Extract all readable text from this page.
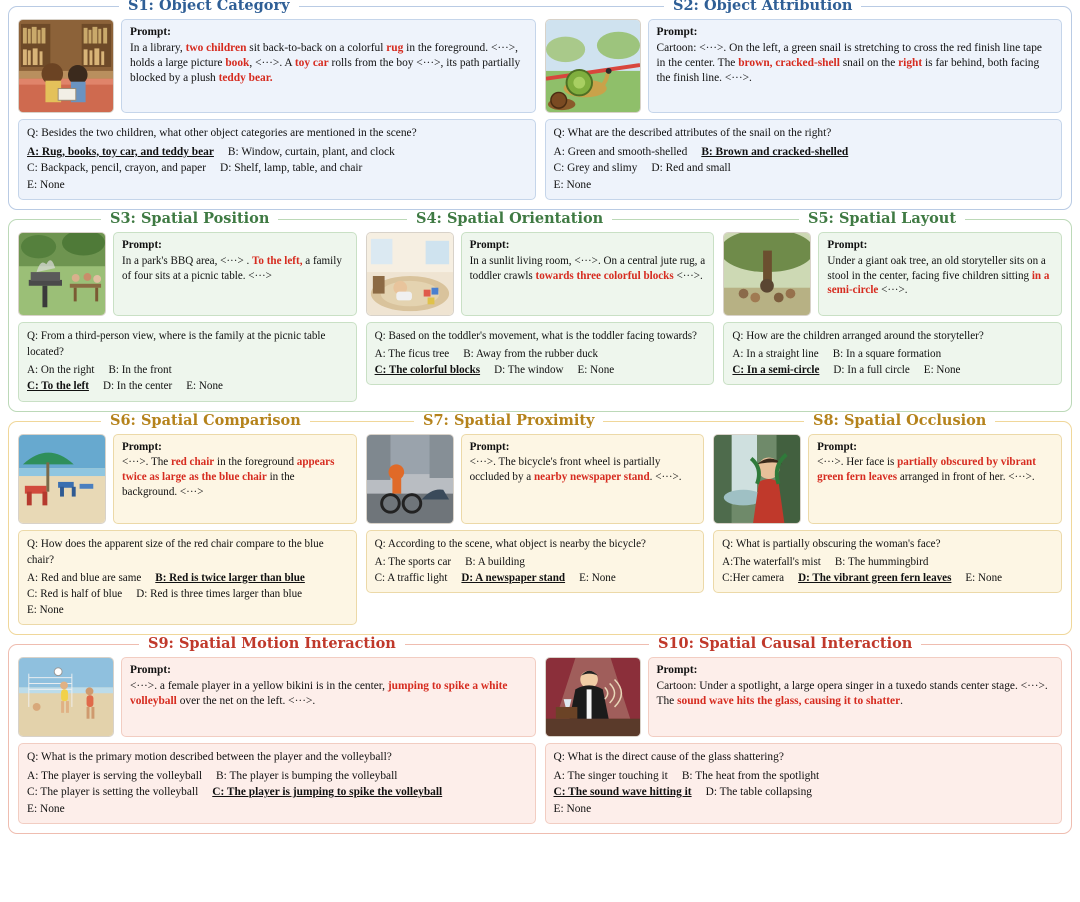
S1: Object Category	S2: Object Attribution
Prompt:
In a library, two children sit back-to-back on a colorful rug in the foreground. <···>, holds a large picture book, <···>. A toy car rolls from the boy <···>, its path partially blocked by a plush teddy bear.
Q: Besides the two children, what other object categories are mentioned in the scene?
A: Rug, books, toy car, and teddy bear B: Window, curtain, plant, and clock
C: Backpack, pencil, crayon, and paper D: Shelf, lamp, table, and chair
E: None
Prompt:
Cartoon: <···>. On the left, a green snail is stretching to cross the red finish line tape in the center. The brown, cracked-shell snail on the right is far behind, both facing the finish line. <···>.
Q: What are the described attributes of the snail on the right?
A: Green and smooth-shelled B: Brown and cracked-shelled
C: Grey and slimy D: Red and small
E: None
S3: Spatial Position	S4: Spatial Orientation	S5: Spatial Layout
Prompt:
In a park's BBQ area, <···> . To the left, a family of four sits at a picnic table. <···>
Q: From a third-person view, where is the family at the picnic table located?
A: On the right B: In the front
C: To the left D: In the center E: None
Prompt:
In a sunlit living room, <···>. On a central jute rug, a toddler crawls towards three colorful blocks <···>.
Q: Based on the toddler's movement, what is the toddler facing towards?
A: The ficus tree B: Away from the rubber duck
C: The colorful blocks D: The window E: None
Prompt:
Under a giant oak tree, an old storyteller sits on a stool in the center, facing five children sitting in a semi-circle <···>.
Q: How are the children arranged around the storyteller?
A: In a straight line B: In a square formation
C: In a semi-circle D: In a full circle E: None
S6: Spatial Comparison	S7: Spatial Proximity	S8: Spatial Occlusion
Prompt:
<···>. The red chair in the foreground appears twice as large as the blue chair in the background. <···>
Q: How does the apparent size of the red chair compare to the blue chair?
A: Red and blue are same B: Red is twice larger than blue
C: Red is half of blue D: Red is three times larger than blue
E: None
Prompt:
<···>. The bicycle's front wheel is partially occluded by a nearby newspaper stand. <···>.
Q: According to the scene, what object is nearby the bicycle?
A: The sports car B: A building
C: A traffic light D: A newspaper stand E: None
Prompt:
<···>. Her face is partially obscured by vibrant green fern leaves arranged in front of her. <···>.
Q: What is partially obscuring the woman's face?
A:The waterfall's mist B: The hummingbird
C:Her camera D: The vibrant green fern leaves E: None
S9: Spatial Motion Interaction	S10: Spatial Causal Interaction
Prompt:
<···>. a female player in a yellow bikini is in the center, jumping to spike a white volleyball over the net on the left. <···>.
Q: What is the primary motion described between the player and the volleyball?
A: The player is serving the volleyball B: The player is bumping the volleyball
C: The player is setting the volleyball C: The player is jumping to spike the volleyball
E: None
Prompt:
Cartoon: Under a spotlight, a large opera singer in a tuxedo stands center stage. <···>. The sound wave hits the glass, causing it to shatter.
Q: What is the direct cause of the glass shattering?
A: The singer touching it B: The heat from the spotlight
C: The sound wave hitting it D: The table collapsing
E: None
